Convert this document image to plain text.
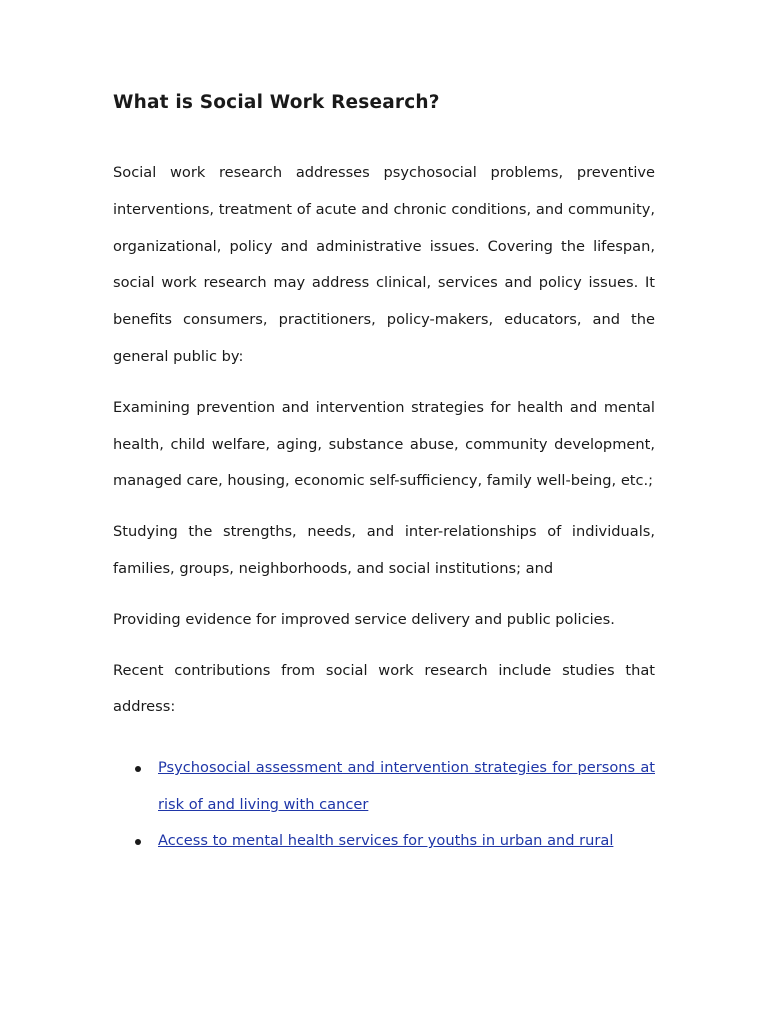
What is Social Work Research?

Social work research addresses psychosocial problems, preventive interventions, treatment of acute and chronic conditions, and community, organizational, policy and administrative issues. Covering the lifespan, social work research may address clinical, services and policy issues. It benefits consumers, practitioners, policy-makers, educators, and the general public by:

Examining prevention and intervention strategies for health and mental health, child welfare, aging, substance abuse, community development, managed care, housing, economic self-sufficiency, family well-being, etc.;

Studying the strengths, needs, and inter-relationships of individuals, families, groups, neighborhoods, and social institutions; and

Providing evidence for improved service delivery and public policies.

Recent contributions from social work research include studies that address:

Psychosocial assessment and intervention strategies for persons at risk of and living with cancer
Access to mental health services for youths in urban and rural
